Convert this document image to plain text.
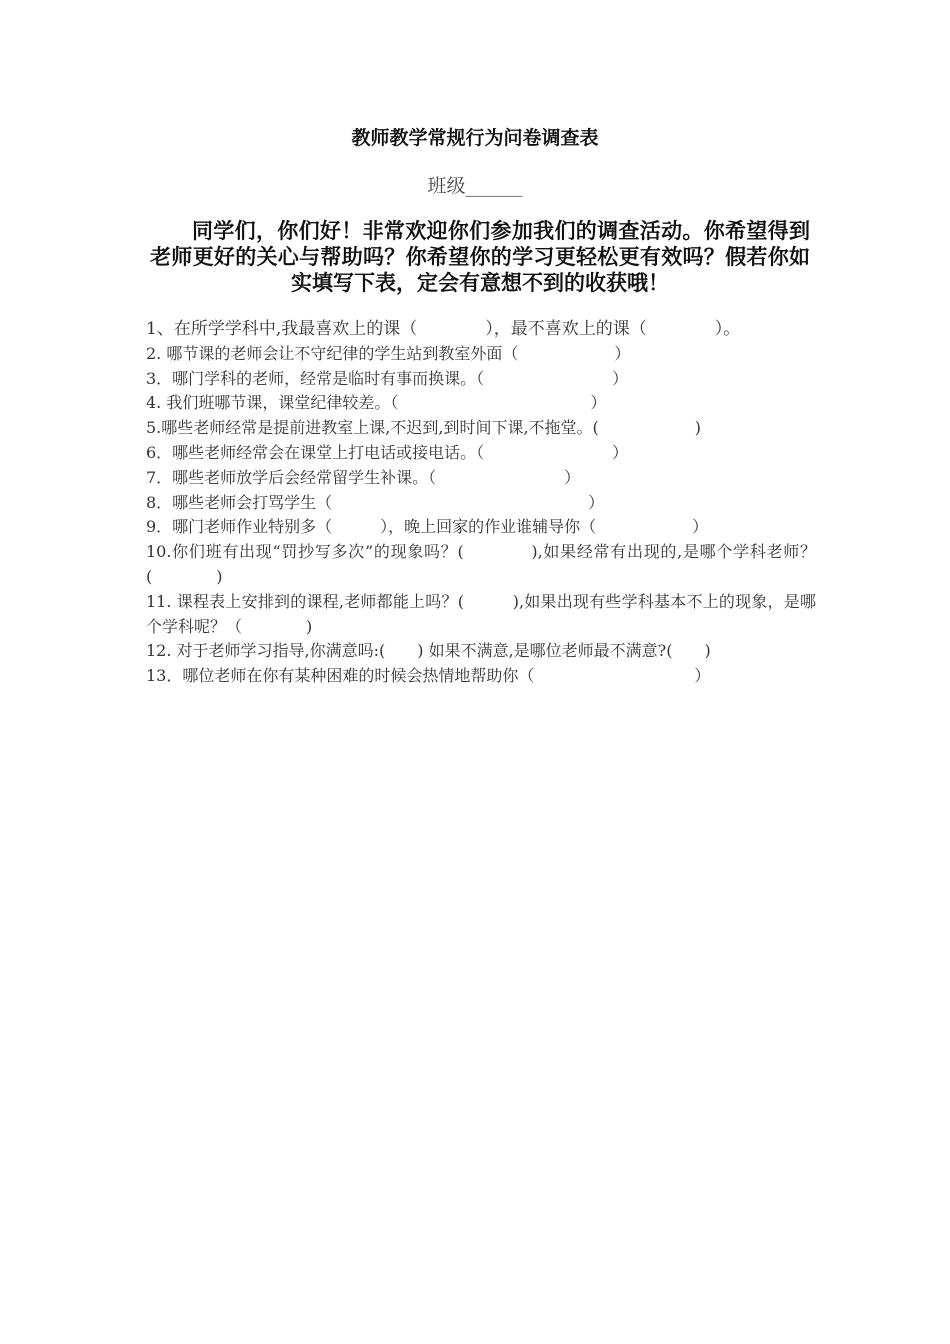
教师教学常规行为问卷调查表
班级______
同学们，你们好！非常欢迎你们参加我们的调查活动。你希望得到老师更好的关心与帮助吗？你希望你的学习更轻松更有效吗？假若你如实填写下表，定会有意想不到的收获哦！
1、在所学学科中,我最喜欢上的课（　　　　），最不喜欢上的课（　　　　）。
2. 哪节课的老师会让不守纪律的学生站到教室外面（　　　　　　）
3．哪门学科的老师，经常是临时有事而换课。（　　　　　　　　）
4. 我们班哪节课，课堂纪律较差。（　　　　　　　　　　　　）
5.哪些老师经常是提前进教室上课,不迟到,到时间下课,不拖堂。(　　　　　　)
6．哪些老师经常会在课堂上打电话或接电话。（　　　　　　　　）
7．哪些老师放学后会经常留学生补课。（　　　　　　　　）
8．哪些老师会打骂学生（　　　　　　　　　　　　　　　　）
9．哪门老师作业特别多（　　　），晚上回家的作业谁辅导你（　　　　　　）
10.你们班有出现“罚抄写多次”的现象吗？(　　　　),如果经常有出现的,是哪个学科老师？　(　　　　)
11. 课程表上安排到的课程,老师都能上吗？(　　　),如果出现有些学科基本不上的现象，是哪个学科呢？（　　　　)
12. 对于老师学习指导,你满意吗:(　　) 如果不满意,是哪位老师最不满意?(　　)
13．哪位老师在你有某种困难的时候会热情地帮助你（　　　　　　　　　　）
